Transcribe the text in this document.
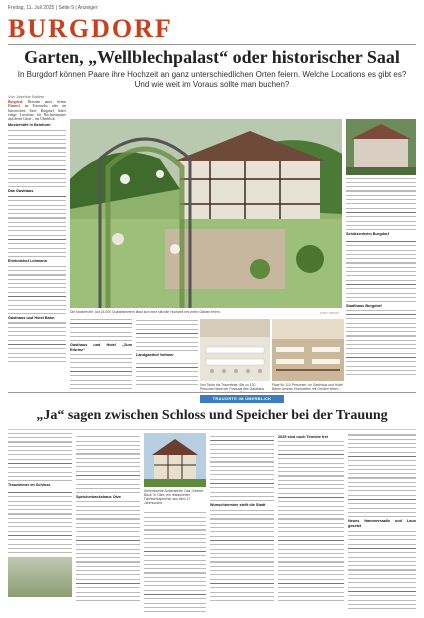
Freitag, 11. Juli 2025 | Seite 9 | Anzeiger
BURGDORF
Garten, „Wellblechpalast“ oder historischer Saal
In Burgdorf können Paare ihre Hochzeit an ganz unterschiedlichen Orten feiern. Welche Locations es gibt es?
Und wie weit im Voraus sollte man buchen?
Von Josefine Baltzer
Burgdorf. Heiraten unter freiem Himmel, im Fotostudio oder im historischen Saal: Burgdorf bietet einige Locations für Hochzeitspaare und deren Gäste – ein Überblick.
Mosterhöfe in Beinhorn
Das Gasthaus
Erlebnishof Lohmann
Gasthaus und Hotel Bahn
Die Mosterhöfe: Auf 24.000 Quadratmetern lässt sich eine stilvolle Hochzeit mit vielen Gästen feiern.	FOTO: PRIVAT
Schützenheim Burgdorf
Stadthaus Burgdorf
Gasthaus und Hotel „Zum Erbrinz“
Landgasthof Voltmer
Von Taufe bis Trauerfeier: Bis zu 120 Personen fasst der Festsaal des Gasthaus
Platz für 110 Personen: Im Gasthaus und Hotel Bähre können Hochzeiten mit Größen feiern.
TRAUORTE IM ÜBERBLICK
„Ja“ sagen zwischen Schloss und Speicher bei der Trauung
Trauzimmer im Schloss
Speicherbackshaus Otze
Sehenswerte Außenstelle: Das „Seeme Back“ in Otze, ein restaurierter Fachwerkspeicher aus dem 17. Jahrhundert.	Wunschtermine stellt die Stadt
2025 sind noch Termine frei
Neues Hammersaalle und Laun gesetzt
